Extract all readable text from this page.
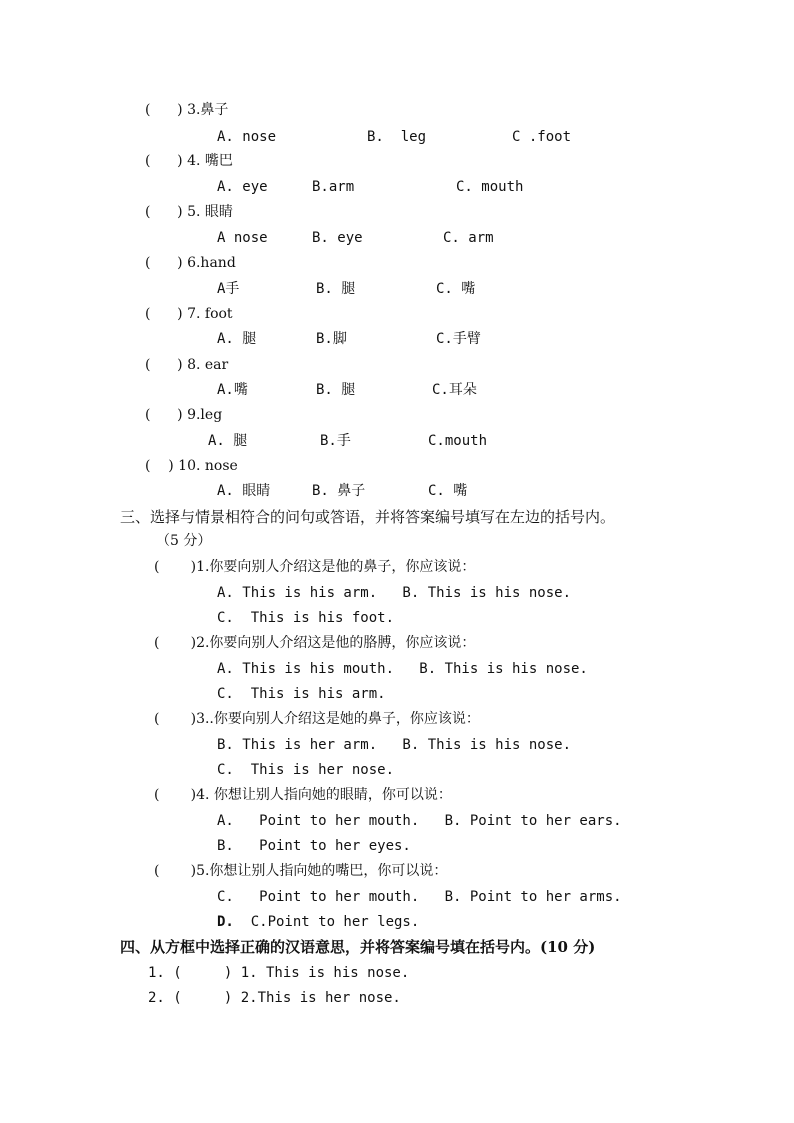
(      ) 3.鼻子
A. nose	B.  leg	C .foot
(      ) 4. 嘴巴
A. eye	B.arm	C. mouth
(      ) 5. 眼睛
A nose	B. eye	C. arm
(      ) 6.hand
A手	B. 腿	C. 嘴
(      ) 7. foot
A. 腿	B.脚	C.手臂
(      ) 8. ear
A.嘴	B. 腿	C.耳朵
(      ) 9.leg
A. 腿	B.手	C.mouth
(    ) 10. nose
A. 眼睛	B. 鼻子	C. 嘴
三、选择与情景相符合的问句或答语，并将答案编号填写在左边的括号内。
（5 分）
(       )1.你要向别人介绍这是他的鼻子，你应该说：
A. This is his arm.   B. This is his nose.
C.  This is his foot.
(       )2.你要向别人介绍这是他的胳膊，你应该说：
A. This is his mouth.   B. This is his nose.
C.  This is his arm.
(       )3..你要向别人介绍这是她的鼻子，你应该说：
B. This is her arm.   B. This is his nose.
C.  This is her nose.
(       )4. 你想让别人指向她的眼睛，你可以说：
A.   Point to her mouth.   B. Point to her ears.
B.   Point to her eyes.
(       )5.你想让别人指向她的嘴巴，你可以说：
C.   Point to her mouth.   B. Point to her arms.
D.  C.Point to her legs.
四、从方框中选择正确的汉语意思，并将答案编号填在括号内。(10 分)
1. (     ) 1. This is his nose.
2. (     ) 2.This is her nose.
